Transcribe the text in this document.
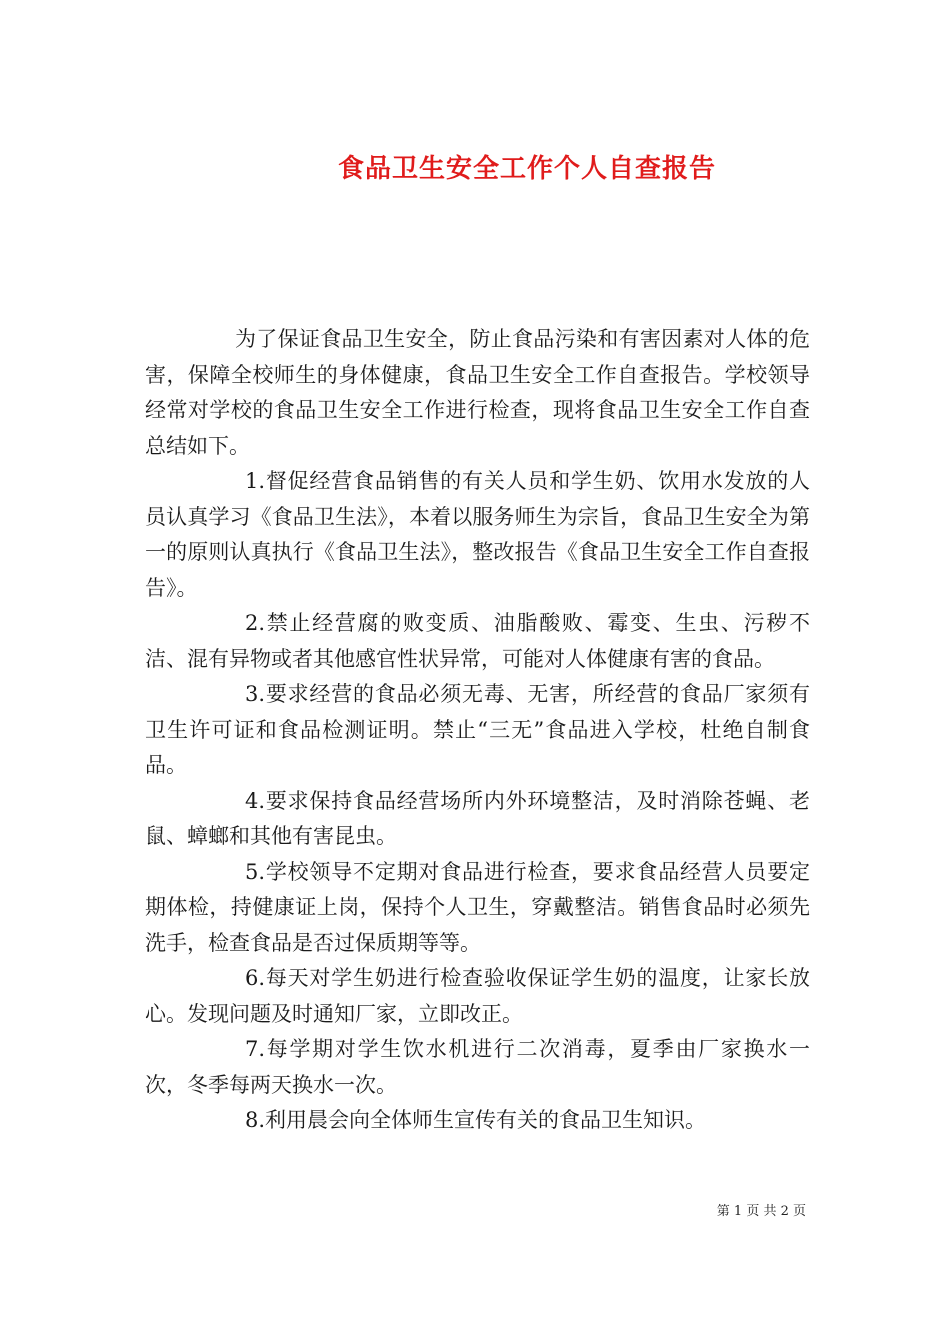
食品卫生安全工作个人自查报告

为了保证食品卫生安全，防止食品污染和有害因素对人体的危害，保障全校师生的身体健康，食品卫生安全工作自查报告。学校领导经常对学校的食品卫生安全工作进行检查，现将食品卫生安全工作自查总结如下。

1.督促经营食品销售的有关人员和学生奶、饮用水发放的人员认真学习《食品卫生法》，本着以服务师生为宗旨，食品卫生安全为第一的原则认真执行《食品卫生法》，整改报告《食品卫生安全工作自查报告》。

2.禁止经营腐的败变质、油脂酸败、霉变、生虫、污秽不洁、混有异物或者其他感官性状异常，可能对人体健康有害的食品。

3.要求经营的食品必须无毒、无害，所经营的食品厂家须有卫生许可证和食品检测证明。禁止“三无”食品进入学校，杜绝自制食品。

4.要求保持食品经营场所内外环境整洁，及时消除苍蝇、老鼠、蟑螂和其他有害昆虫。

5.学校领导不定期对食品进行检查，要求食品经营人员要定期体检，持健康证上岗，保持个人卫生，穿戴整洁。销售食品时必须先洗手，检查食品是否过保质期等等。

6.每天对学生奶进行检查验收保证学生奶的温度，让家长放心。发现问题及时通知厂家，立即改正。

7.每学期对学生饮水机进行二次消毒，夏季由厂家换水一次，冬季每两天换水一次。

8.利用晨会向全体师生宣传有关的食品卫生知识。

第 1 页 共 2 页
